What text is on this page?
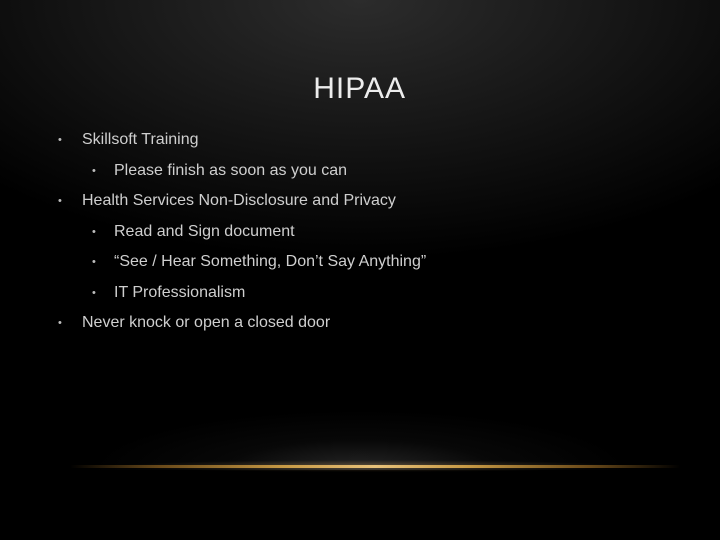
HIPAA
• Skillsoft Training
• Please finish as soon as you can
• Health Services Non-Disclosure and Privacy
• Read and Sign document
• “See / Hear Something, Don’t Say Anything”
• IT Professionalism
• Never knock or open a closed door
